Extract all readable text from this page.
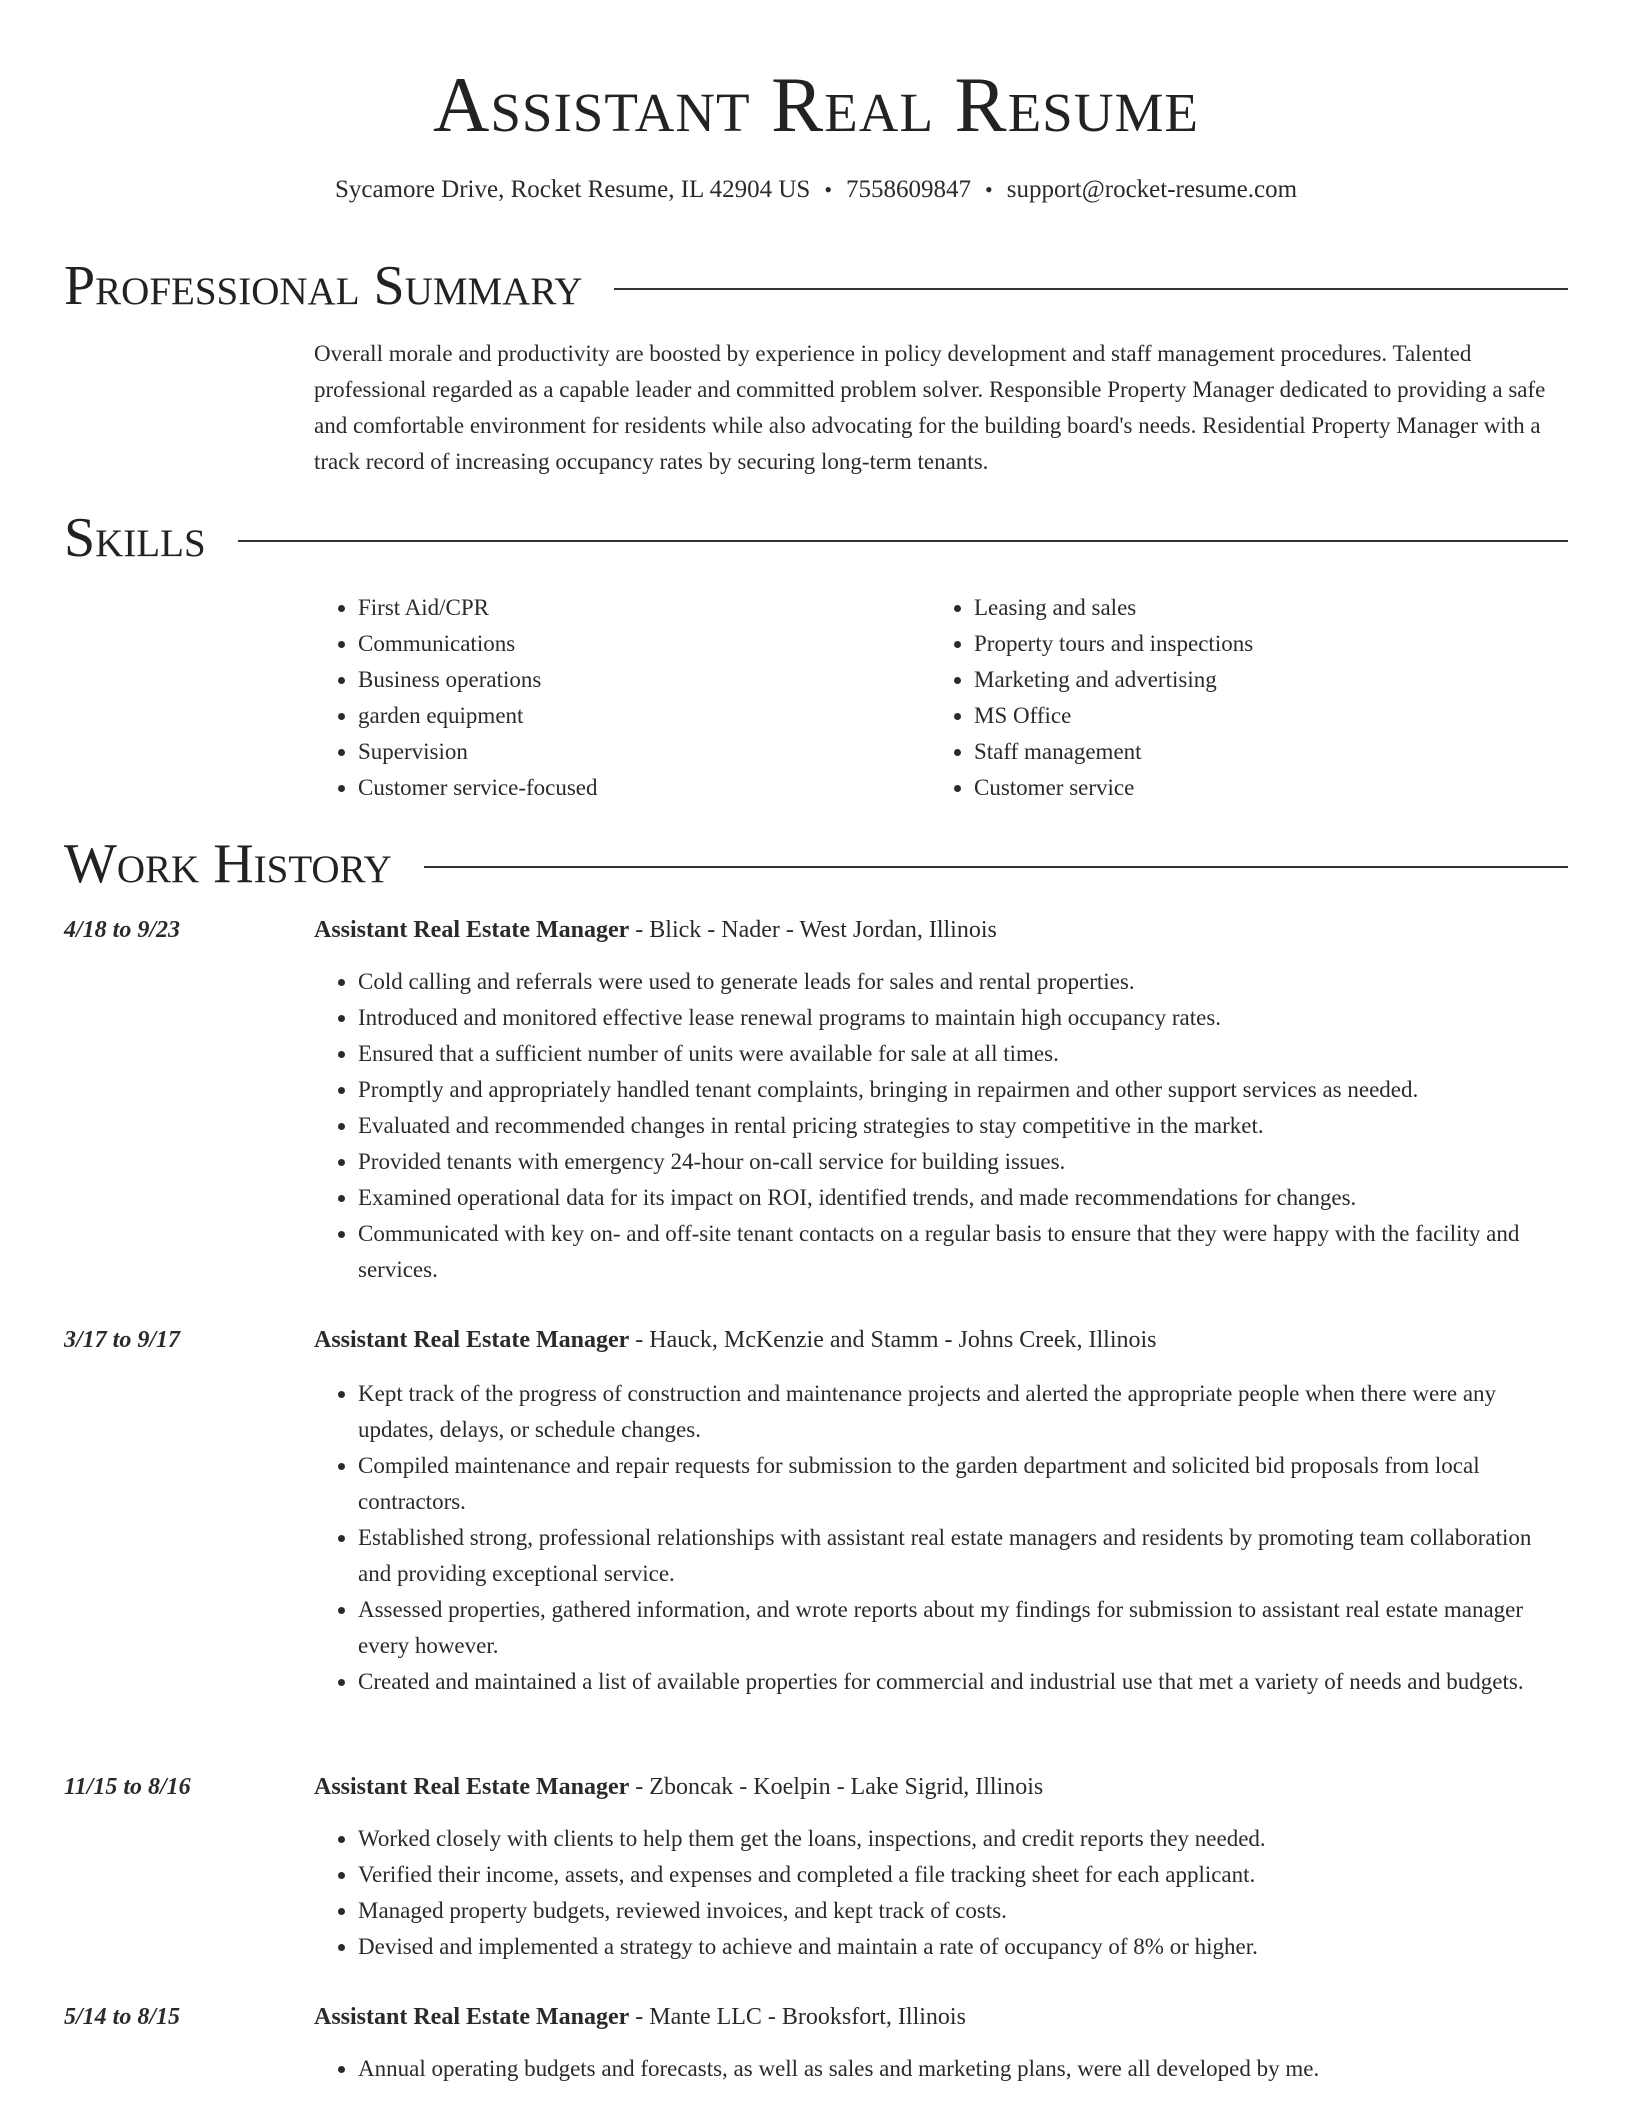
Assistant Real Resume
Sycamore Drive, Rocket Resume, IL 42904 US • 7558609847 • support@rocket-resume.com
Professional Summary

Overall morale and productivity are boosted by experience in policy development and staff management procedures. Talented professional regarded as a capable leader and committed problem solver. Responsible Property Manager dedicated to providing a safe and comfortable environment for residents while also advocating for the building board's needs. Residential Property Manager with a track record of increasing occupancy rates by securing long-term tenants.

Skills
• First Aid/CPR
• Communications
• Business operations
• garden equipment
• Supervision
• Customer service-focused
• Leasing and sales
• Property tours and inspections
• Marketing and advertising
• MS Office
• Staff management
• Customer service
Work History
4/18 to 9/23	Assistant Real Estate Manager - Blick - Nader - West Jordan, Illinois
• Cold calling and referrals were used to generate leads for sales and rental properties.
• Introduced and monitored effective lease renewal programs to maintain high occupancy rates.
• Ensured that a sufficient number of units were available for sale at all times.
• Promptly and appropriately handled tenant complaints, bringing in repairmen and other support services as needed.
• Evaluated and recommended changes in rental pricing strategies to stay competitive in the market.
• Provided tenants with emergency 24-hour on-call service for building issues.
• Examined operational data for its impact on ROI, identified trends, and made recommendations for changes.
• Communicated with key on- and off-site tenant contacts on a regular basis to ensure that they were happy with the facility and services.
3/17 to 9/17	Assistant Real Estate Manager - Hauck, McKenzie and Stamm - Johns Creek, Illinois
• Kept track of the progress of construction and maintenance projects and alerted the appropriate people when there were any updates, delays, or schedule changes.
• Compiled maintenance and repair requests for submission to the garden department and solicited bid proposals from local contractors.
• Established strong, professional relationships with assistant real estate managers and residents by promoting team collaboration and providing exceptional service.
• Assessed properties, gathered information, and wrote reports about my findings for submission to assistant real estate manager every however.
• Created and maintained a list of available properties for commercial and industrial use that met a variety of needs and budgets.
11/15 to 8/16	Assistant Real Estate Manager - Zboncak - Koelpin - Lake Sigrid, Illinois
• Worked closely with clients to help them get the loans, inspections, and credit reports they needed.
• Verified their income, assets, and expenses and completed a file tracking sheet for each applicant.
• Managed property budgets, reviewed invoices, and kept track of costs.
• Devised and implemented a strategy to achieve and maintain a rate of occupancy of 8% or higher.
5/14 to 8/15	Assistant Real Estate Manager - Mante LLC - Brooksfort, Illinois
• Annual operating budgets and forecasts, as well as sales and marketing plans, were all developed by me.
